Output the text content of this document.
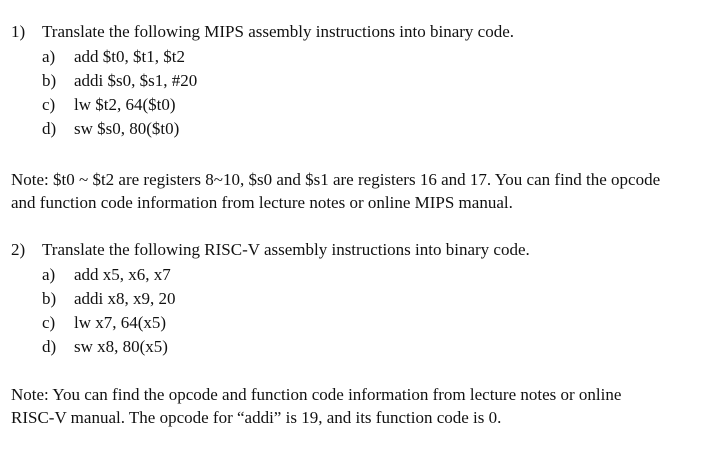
1) Translate the following MIPS assembly instructions into binary code.
a) add $t0, $t1, $t2
b) addi $s0, $s1, #20
c) lw $t2, 64($t0)
d) sw $s0, 80($t0)
Note: $t0 ~ $t2 are registers 8~10, $s0 and $s1 are registers 16 and 17. You can find the opcode
and function code information from lecture notes or online MIPS manual.
2) Translate the following RISC-V assembly instructions into binary code.
a) add x5, x6, x7
b) addi x8, x9, 20
c) lw x7, 64(x5)
d) sw x8, 80(x5)
Note: You can find the opcode and function code information from lecture notes or online
RISC-V manual. The opcode for “addi” is 19, and its function code is 0.
